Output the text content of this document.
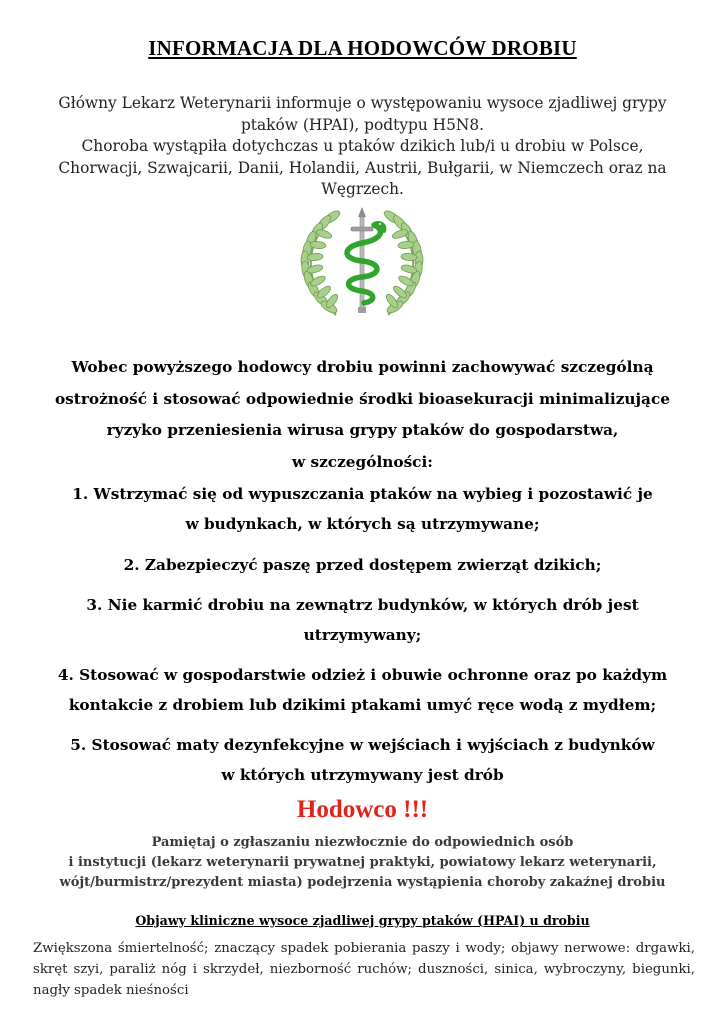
INFORMACJA DLA HODOWCÓW DROBIU
Główny Lekarz Weterynarii informuje o występowaniu wysoce zjadliwej grypy
ptaków (HPAI), podtypu H5N8.
Choroba wystąpiła dotychczas u ptaków dzikich lub/i u drobiu w Polsce,
Chorwacji, Szwajcarii, Danii, Holandii, Austrii, Bułgarii, w Niemczech oraz na
Węgrzech.
Wobec powyższego hodowcy drobiu powinni zachowywać szczególną
ostrożność i stosować odpowiednie środki bioasekuracji minimalizujące
ryzyko przeniesienia wirusa grypy ptaków do gospodarstwa,
w szczególności:
1. Wstrzymać się od wypuszczania ptaków na wybieg i pozostawić je
w budynkach, w których są utrzymywane;
2. Zabezpieczyć paszę przed dostępem zwierząt dzikich;
3. Nie karmić drobiu na zewnątrz budynków, w których drób jest
utrzymywany;
4. Stosować w gospodarstwie odzież i obuwie ochronne oraz po każdym
kontakcie z drobiem lub dzikimi ptakami umyć ręce wodą z mydłem;
5. Stosować maty dezynfekcyjne w wejściach i wyjściach z budynków
w których utrzymywany jest drób
Hodowco !!!
Pamiętaj o zgłaszaniu niezwłocznie do odpowiednich osób
i instytucji (lekarz weterynarii prywatnej praktyki, powiatowy lekarz weterynarii,
wójt/burmistrz/prezydent miasta) podejrzenia wystąpienia choroby zakaźnej drobiu
Objawy kliniczne wysoce zjadliwej grypy ptaków (HPAI) u drobiu
Zwiększona śmiertelność; znaczący spadek pobierania paszy i wody; objawy nerwowe: drgawki, skręt szyi, paraliż nóg i skrzydeł, niezborność ruchów; duszności, sinica, wybroczyny, biegunki, nagły spadek nieśności
